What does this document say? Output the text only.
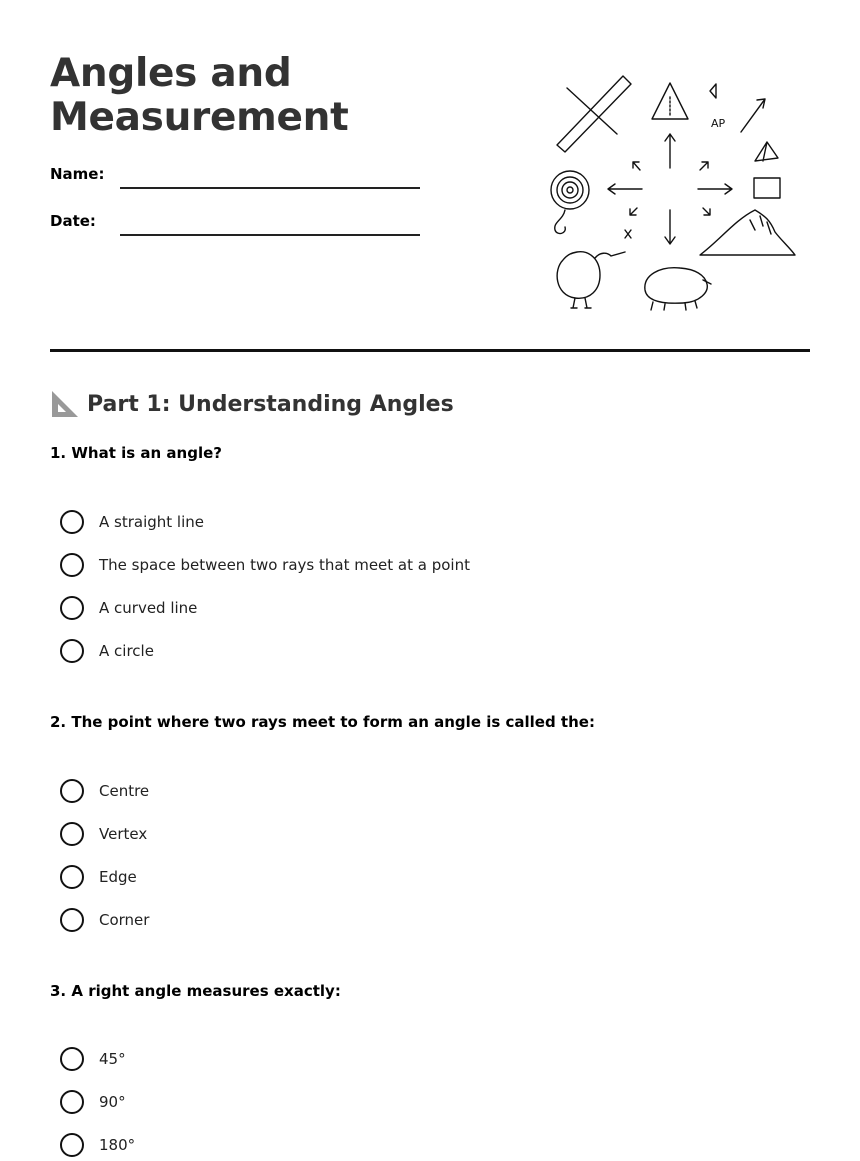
Angles and
Measurement
Name:
Date:
AP
Part 1: Understanding Angles

1. What is an angle?

A straight line
The space between two rays that meet at a point
A curved line
A circle

2. The point where two rays meet to form an angle is called the:

Centre
Vertex
Edge
Corner

3. A right angle measures exactly:

45°
90°
180°
